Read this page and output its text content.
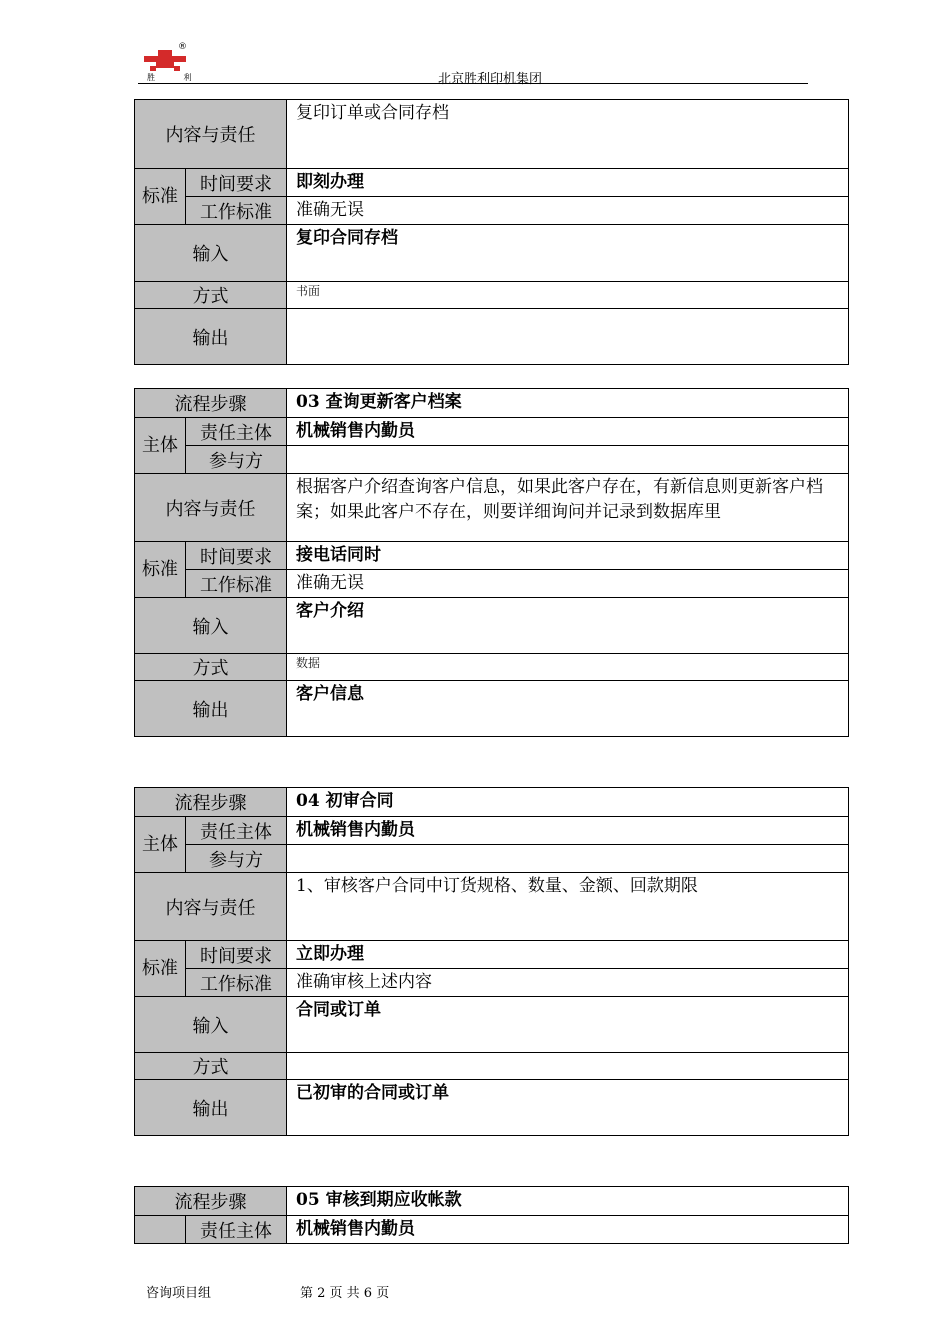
®
胜 利	北京胜利印机集团
内容与责任		复印订单或合同存档
标准	时间要求	即刻办理
	工作标准	准确无误
输入		复印合同存档
方式		书面
输出		
流程步骤		03 查询更新客户档案
主体	责任主体	机械销售内勤员
	参与方	
内容与责任		根据客户介绍查询客户信息，如果此客户存在，有新信息则更新客户档案；如果此客户不存在，则要详细询问并记录到数据库里
标准	时间要求	接电话同时
	工作标准	准确无误
输入		客户介绍
方式		数据
输出		客户信息
流程步骤		04 初审合同
主体	责任主体	机械销售内勤员
	参与方	
内容与责任		1、审核客户合同中订货规格、数量、金额、回款期限
标准	时间要求	立即办理
	工作标准	准确审核上述内容
输入		合同或订单
方式		
输出		已初审的合同或订单
流程步骤		05 审核到期应收帐款
	责任主体	机械销售内勤员
咨询项目组	第 2 页 共 6 页
